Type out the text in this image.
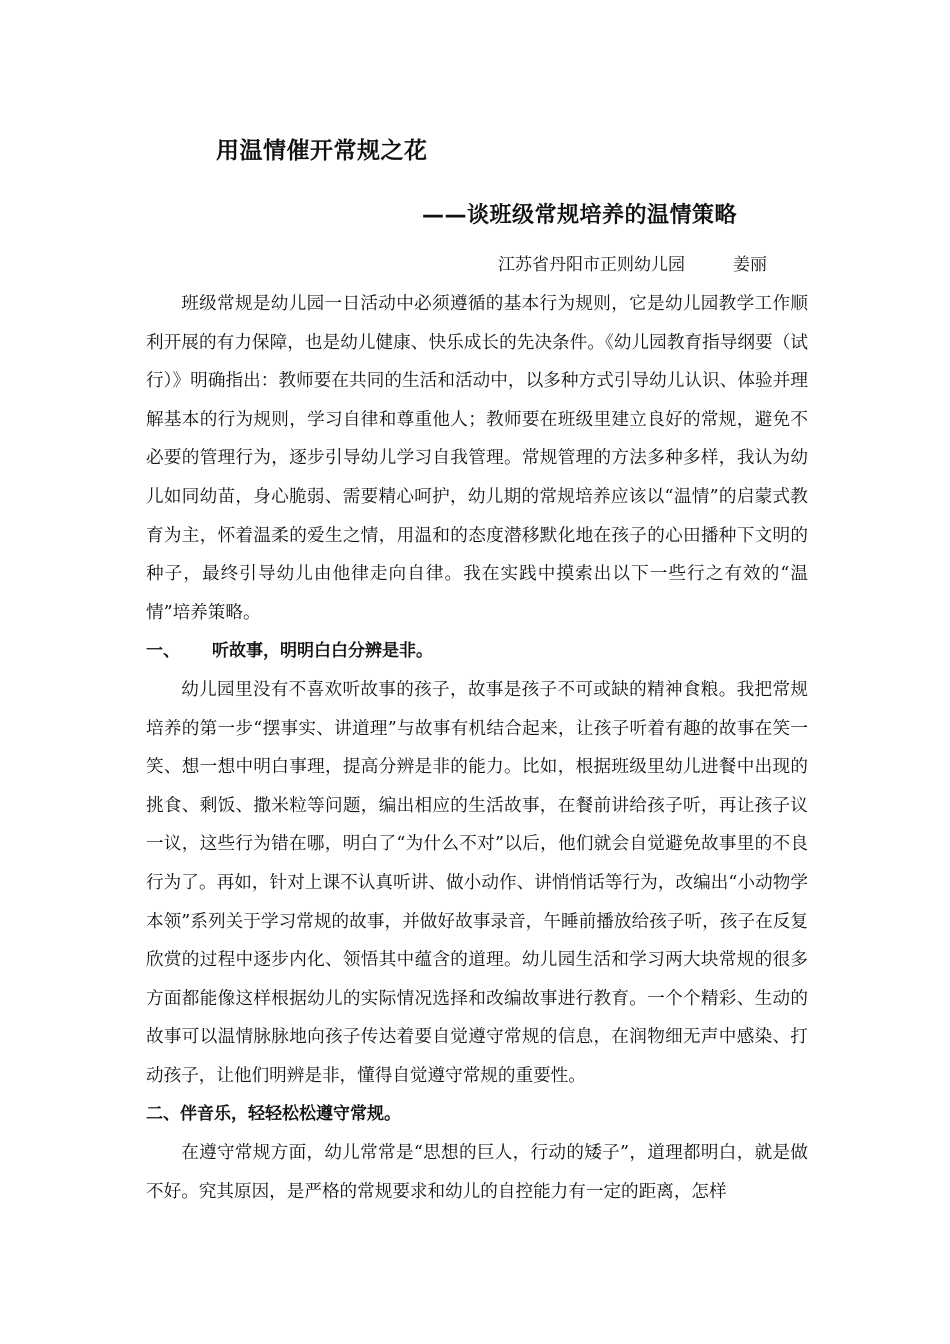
用温情催开常规之花
——谈班级常规培养的温情策略
江苏省丹阳市正则幼儿园	姜丽

班级常规是幼儿园一日活动中必须遵循的基本行为规则，它是幼儿园教学工作顺利开展的有力保障，也是幼儿健康、快乐成长的先决条件。《幼儿园教育指导纲要（试行）》明确指出：教师要在共同的生活和活动中，以多种方式引导幼儿认识、体验并理解基本的行为规则，学习自律和尊重他人；教师要在班级里建立良好的常规，避免不必要的管理行为，逐步引导幼儿学习自我管理。常规管理的方法多种多样，我认为幼儿如同幼苗，身心脆弱、需要精心呵护，幼儿期的常规培养应该以“温情”的启蒙式教育为主，怀着温柔的爱生之情，用温和的态度潜移默化地在孩子的心田播种下文明的种子，最终引导幼儿由他律走向自律。我在实践中摸索出以下一些行之有效的“温情”培养策略。

一、 听故事，明明白白分辨是非。

幼儿园里没有不喜欢听故事的孩子，故事是孩子不可或缺的精神食粮。我把常规培养的第一步“摆事实、讲道理”与故事有机结合起来，让孩子听着有趣的故事在笑一笑、想一想中明白事理，提高分辨是非的能力。比如，根据班级里幼儿进餐中出现的挑食、剩饭、撒米粒等问题，编出相应的生活故事，在餐前讲给孩子听，再让孩子议一议，这些行为错在哪，明白了“为什么不对”以后，他们就会自觉避免故事里的不良行为了。再如，针对上课不认真听讲、做小动作、讲悄悄话等行为，改编出“小动物学本领”系列关于学习常规的故事，并做好故事录音，午睡前播放给孩子听，孩子在反复欣赏的过程中逐步内化、领悟其中蕴含的道理。幼儿园生活和学习两大块常规的很多方面都能像这样根据幼儿的实际情况选择和改编故事进行教育。一个个精彩、生动的故事可以温情脉脉地向孩子传达着要自觉遵守常规的信息，在润物细无声中感染、打动孩子，让他们明辨是非，懂得自觉遵守常规的重要性。

二、伴音乐，轻轻松松遵守常规。

在遵守常规方面，幼儿常常是“思想的巨人，行动的矮子”，道理都明白，就是做不好。究其原因，是严格的常规要求和幼儿的自控能力有一定的距离，怎样
